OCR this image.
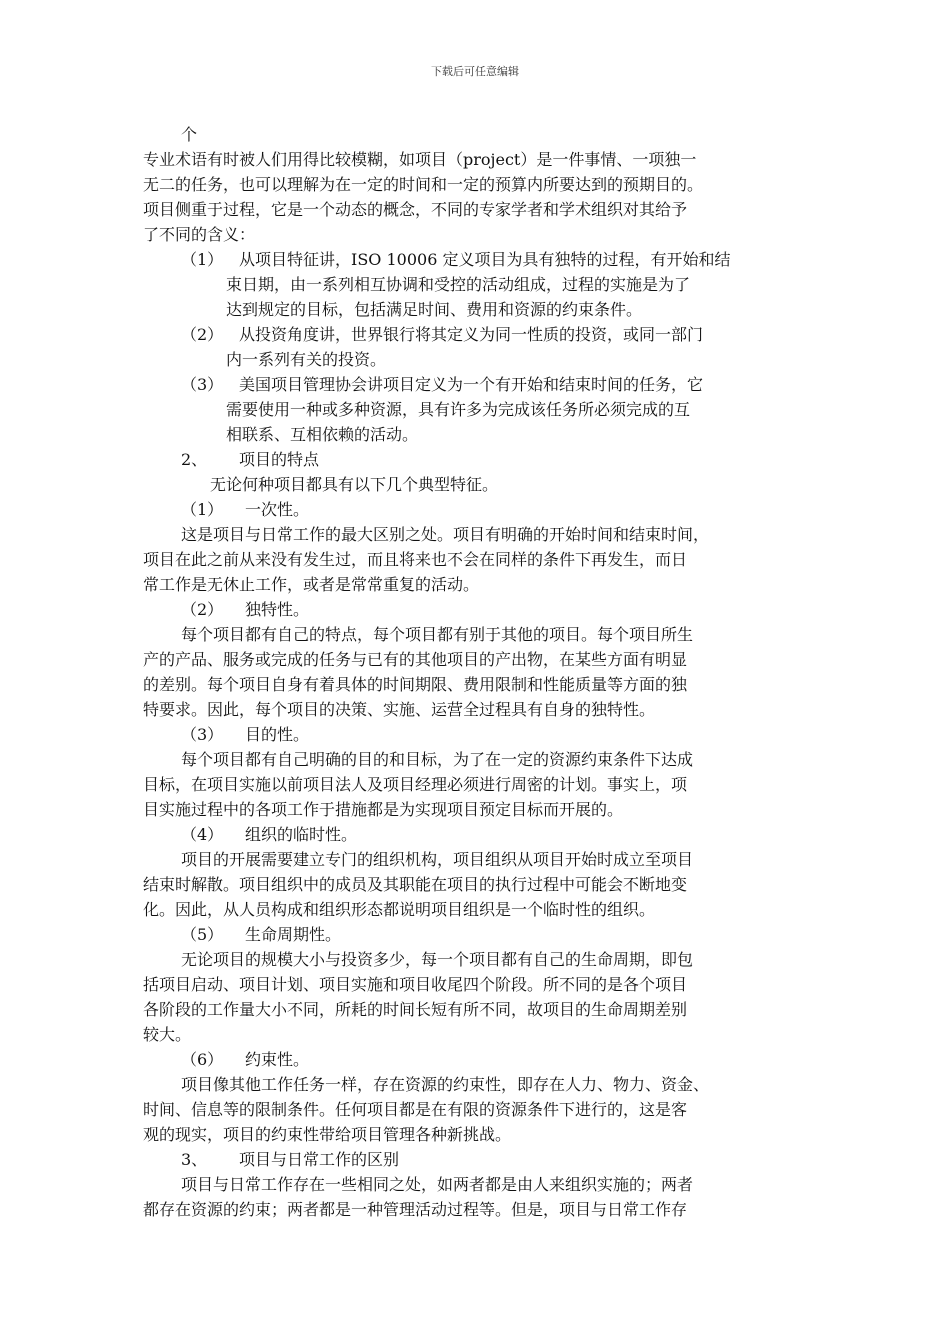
下载后可任意编辑

个

专业术语有时被人们用得比较模糊，如项目（project）是一件事情、一项独一

无二的任务，也可以理解为在一定的时间和一定的预算内所要达到的预期目的。

项目侧重于过程，它是一个动态的概念，不同的专家学者和学术组织对其给予

了不同的含义：

（1） 从项目特征讲，ISO 10006 定义项目为具有独特的过程，有开始和结

束日期，由一系列相互协调和受控的活动组成，过程的实施是为了

达到规定的目标，包括满足时间、费用和资源的约束条件。

（2） 从投资角度讲，世界银行将其定义为同一性质的投资，或同一部门

内一系列有关的投资。

（3） 美国项目管理协会讲项目定义为一个有开始和结束时间的任务，它

需要使用一种或多种资源，具有许多为完成该任务所必须完成的互

相联系、互相依赖的活动。

2、 项目的特点

无论何种项目都具有以下几个典型特征。

（1） 一次性。

这是项目与日常工作的最大区别之处。项目有明确的开始时间和结束时间，

项目在此之前从来没有发生过，而且将来也不会在同样的条件下再发生，而日

常工作是无休止工作，或者是常常重复的活动。

（2） 独特性。

每个项目都有自己的特点，每个项目都有别于其他的项目。每个项目所生

产的产品、服务或完成的任务与已有的其他项目的产出物，在某些方面有明显

的差别。每个项目自身有着具体的时间期限、费用限制和性能质量等方面的独

特要求。因此，每个项目的决策、实施、运营全过程具有自身的独特性。

（3） 目的性。

每个项目都有自己明确的目的和目标，为了在一定的资源约束条件下达成

目标，在项目实施以前项目法人及项目经理必须进行周密的计划。事实上，项

目实施过程中的各项工作于措施都是为实现项目预定目标而开展的。

（4） 组织的临时性。

项目的开展需要建立专门的组织机构，项目组织从项目开始时成立至项目

结束时解散。项目组织中的成员及其职能在项目的执行过程中可能会不断地变

化。因此，从人员构成和组织形态都说明项目组织是一个临时性的组织。

（5） 生命周期性。

无论项目的规模大小与投资多少，每一个项目都有自己的生命周期，即包

括项目启动、项目计划、项目实施和项目收尾四个阶段。所不同的是各个项目

各阶段的工作量大小不同，所耗的时间长短有所不同，故项目的生命周期差别

较大。

（6） 约束性。

项目像其他工作任务一样，存在资源的约束性，即存在人力、物力、资金、

时间、信息等的限制条件。任何项目都是在有限的资源条件下进行的，这是客

观的现实，项目的约束性带给项目管理各种新挑战。

3、 项目与日常工作的区别

项目与日常工作存在一些相同之处，如两者都是由人来组织实施的；两者

都存在资源的约束；两者都是一种管理活动过程等。但是，项目与日常工作存
